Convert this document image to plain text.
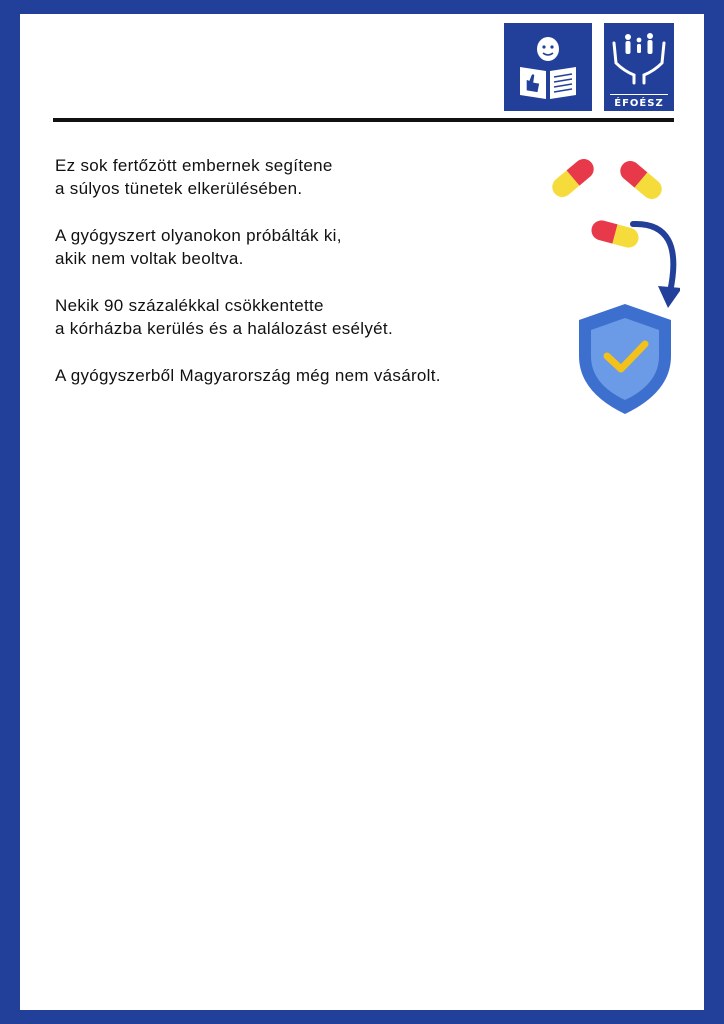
ÉFOÉSZ

Ez sok fertőzött embernek segítene
a súlyos tünetek elkerülésében.

A gyógyszert olyanokon próbálták ki,
akik nem voltak beoltva.

Nekik 90 százalékkal csökkentette
a kórházba kerülés és a halálozást esélyét.

A gyógyszerből Magyarország még nem vásárolt.
